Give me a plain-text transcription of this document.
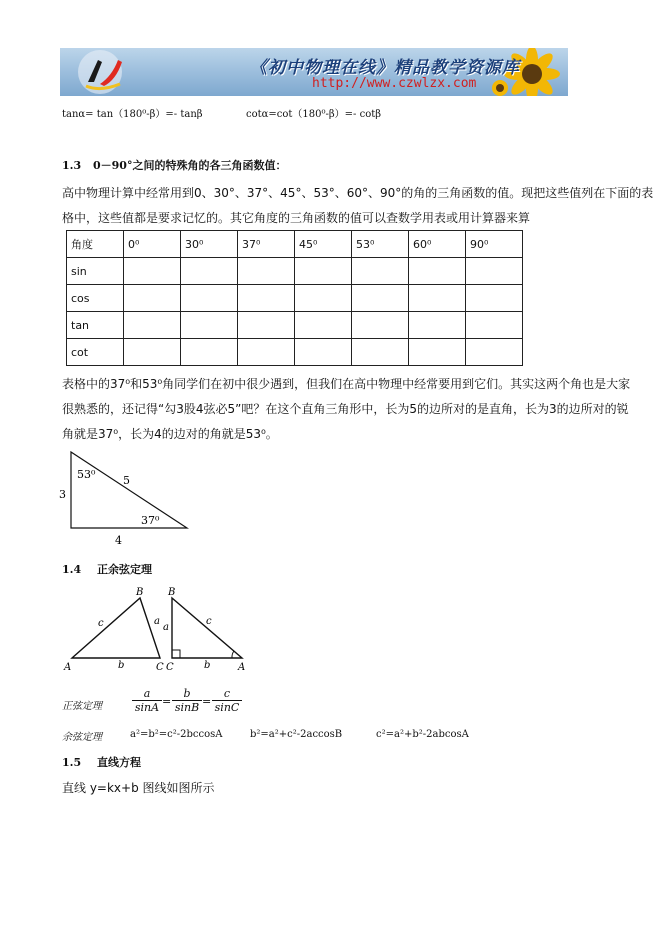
《初中物理在线》精品教学资源库
http://www.czwlzx.com
tanα= tan（180⁰-β）=- tanβ	cotα=cot（180⁰-β）=- cotβ
1.3 0－90°之间的特殊角的各三角函数值：
高中物理计算中经常用到0、30°、37°、45°、53°、60°、90°的角的三角函数的值。现把这些值列在下面的表
格中，这些值都是要求记忆的。其它角度的三角函数的值可以查数学用表或用计算器来算
角度	0⁰	30⁰	37⁰	45⁰	53⁰	60⁰	90⁰
sin							
cos							
tan							
cot							
表格中的37⁰和53⁰角同学们在初中很少遇到，但我们在高中物理中经常要用到它们。其实这两个角也是大家
很熟悉的，还记得“勾3股4弦必5”吧？在这个直角三角形中，长为5的边所对的是直角，长为3的边所对的锐
角就是37⁰，长为4的边对的角就是53⁰。
53⁰
37⁰
3
5
4
1.4 正余弦定理
A
B
C
a
b
c
B
C	A
a
b
c
正弦定理	$\frac{a}{\sin A} = \frac{b}{\sin B} = \frac{c}{\sin C}$
余弦定理	a²=b²=c²-2bccosA	b²=a²+c²-2accosB	c²=a²+b²-2abcosA
1.5 直线方程
直线 y=kx+b 图线如图所示
